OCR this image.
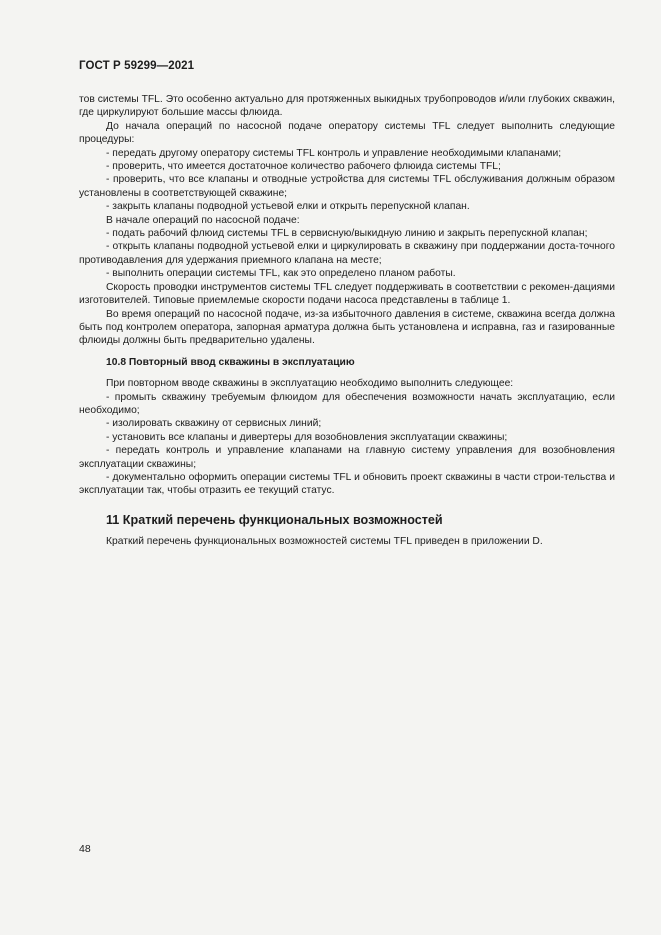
ГОСТ Р 59299—2021

тов системы TFL. Это особенно актуально для протяженных выкидных трубопроводов и/или глубоких скважин, где циркулируют большие массы флюида.

До начала операций по насосной подаче оператору системы TFL следует выполнить следующие процедуры:

- передать другому оператору системы TFL контроль и управление необходимыми клапанами;

- проверить, что имеется достаточное количество рабочего флюида системы TFL;

- проверить, что все клапаны и отводные устройства для системы TFL обслуживания должным образом установлены в соответствующей скважине;

- закрыть клапаны подводной устьевой елки и открыть перепускной клапан.

В начале операций по насосной подаче:

- подать рабочий флюид системы TFL в сервисную/выкидную линию и закрыть перепускной клапан;

- открыть клапаны подводной устьевой елки и циркулировать в скважину при поддержании доста-точного противодавления для удержания приемного клапана на месте;

- выполнить операции системы TFL, как это определено планом работы.

Скорость проводки инструментов системы TFL следует поддерживать в соответствии с рекомен-дациями изготовителей. Типовые приемлемые скорости подачи насоса представлены в таблице 1.

Во время операций по насосной подаче, из-за избыточного давления в системе, скважина всегда должна быть под контролем оператора, запорная арматура должна быть установлена и исправна, газ и газированные флюиды должны быть предварительно удалены.

10.8 Повторный ввод скважины в эксплуатацию

При повторном вводе скважины в эксплуатацию необходимо выполнить следующее:

- промыть скважину требуемым флюидом для обеспечения возможности начать эксплуатацию, если необходимо;

- изолировать скважину от сервисных линий;

- установить все клапаны и дивертеры для возобновления эксплуатации скважины;

- передать контроль и управление клапанами на главную систему управления для возобновления эксплуатации скважины;

- документально оформить операции системы TFL и обновить проект скважины в части строи-тельства и эксплуатации так, чтобы отразить ее текущий статус.

11 Краткий перечень функциональных возможностей

Краткий перечень функциональных возможностей системы TFL приведен в приложении D.

48
